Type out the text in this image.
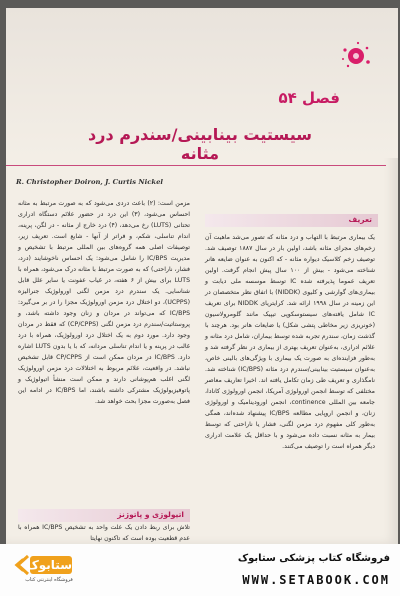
فصل ۵۴
سیستیت بینابینی/سندرم درد مثانه
R. Christopher Doiron, J. Curtis Nickel
تعریف

یک بیماری مرتبط با التهاب و درد مثانه که تصور می‌شد ماهیت آن زخم‌های مجرای مثانه باشد، اولین بار در سال ۱۸۸۷ توصیف شد. توصیف زخم کلاسیک دیواره مثانه - که اکنون به عنوان ضایعه هانر شناخته می‌شود - بیش از ۱۰۰ سال پیش انجام گرفت. اولین تعریف عموما پذیرفته شده IC توسط موسسه ملی دیابت و بیماری‌های گوارشی و کلیوی (NIDDK) با اتفاق نظر متخصصان در این زمینه در سال ۱۹۹۸ ارائه شد. کرایتریای NIDDK برای تعریف IC شامل یافته‌های سیستوسکوپی تیپیک مانند گلومرولاسیون (خونریزی زیر مخاطی پتشی شکل) یا ضایعات هانر بود. هرچند با گذشت زمان، سندرم تجربه شده توسط بیماران، شامل درد مثانه و علائم ادراری، به‌عنوان تعریف بهتری از بیماری در نظر گرفته شد و به‌طور فزاینده‌ای به ‌صورت یک بیماری با ویژگی‌های بالینی خاص، به‌عنوان سیستیت بینابینی/سندرم درد مثانه (IC/BPS) شناخته شد. نامگذاری و تعریف طی زمان تکامل یافته اند. اخیرا تعاریف معاصر مختلفی که توسط انجمن اورولوژی آمریکا، انجمن اورولوژی کانادا، جامعه بین المللی continence، انجمن اورودینامیک و اورولوژی زنان، و انجمن اروپایی مطالعه IC/BPS پیشنهاد شده‌اند، همگی به‌طور کلی مفهوم درد مزمن لگنی، فشار یا ناراحتی که توسط بیمار به مثانه نسبت داده می‌شود و با حداقل یک علامت ادراری دیگر همراه است را توصیف می‌کنند.

مزمن است: (۲) باعث دردی می‌شود که به صورت مرتبط به مثانه احساس می‌شود، (۳) این درد در حضور علائم دستگاه ادراری تحتانی (LUTS) رخ می‌دهد، (۴) درد خارج از مثانه - در لگن، پرینه، اندام تناسلی، شکم، و فراتر از آنها - شایع است. تعریف زیر، توصیفات اصلی همه گروه‌های بین المللی مرتبط با تشخیص و مدیریت IC/BPS را شامل می‌شود: یک احساس ناخوشایند (درد، فشار، ناراحتی) که به صورت مرتبط با مثانه درک می‌شود، همراه با LUTS برای بیش از ۶ هفته، در غیاب عفونت یا سایر علل قابل شناسایی. یک سندرم درد مزمن لگنی اورولوژیک جنرالیزه (UCPPS)، دو اختلال درد مزمن اورولوژیک مجزا را در بر می‌گیرد: IC/BPS که می‌تواند در مردان و زنان وجود داشته باشد، و پروستاتیت/سندرم درد مزمن لگنی (CP/CPPS) که فقط در مردان وجود دارد. مورد دوم به یک اختلال درد اورولوژیک، همراه با درد غالب در پرینه و یا اندام تناسلی مردانه، که با یا بدون LUTS اشاره دارد. IC/BPS در مردان ممکن است از CP/CPPS قابل تشخیص نباشد. در واقعیت، علائم مربوط به اختلالات درد مزمن اورولوژیک لگنی اغلب هم‌پوشانی دارند و ممکن است منشأ اتیولوژیک و پاتوفیزیولوژیک مشترکی داشته باشند، اما IC/BPS در ادامه این فصل به‌صورت مجزا بحث خواهد شد.

اتیولوژی و پاتوژنز

تلاش برای ربط دادن یک علت واحد به تشخیص IC/BPS همراه با عدم قطعیت بوده است که تاکنون نهایتا

ستابوک
فروشگاه اینترنتی کتاب
فروشگاه کتاب پزشکی ستابوک
WWW.SETABOOK.COM
